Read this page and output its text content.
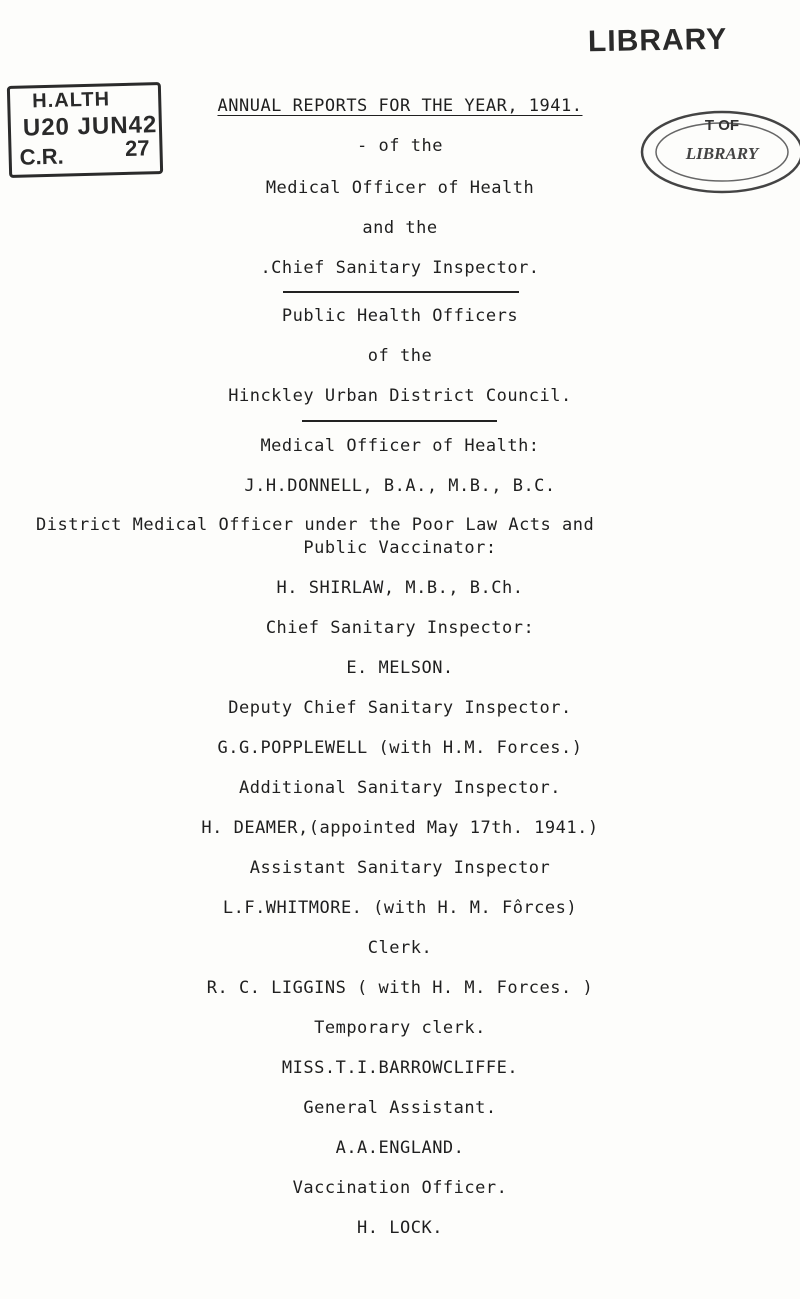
LIBRARY
H.ALTH
U20 JUN42
C.R.	27
T OF
LIBRARY
ANNUAL REPORTS FOR THE YEAR, 1941.
- of the
Medical Officer of Health
and the
.Chief Sanitary Inspector.
Public Health Officers
of the
Hinckley Urban District Council.
Medical Officer of Health:
J.H.DONNELL, B.A., M.B., B.C.
District Medical Officer under the Poor Law Acts and
Public Vaccinator:
H. SHIRLAW, M.B., B.Ch.
Chief Sanitary Inspector:
E. MELSON.
Deputy Chief Sanitary Inspector.
G.G.POPPLEWELL (with H.M. Forces.)
Additional Sanitary Inspector.
H. DEAMER,(appointed May 17th. 1941.)
Assistant Sanitary Inspector
L.F.WHITMORE. (with H. M. Fôrces)
Clerk.
R. C. LIGGINS ( with H. M. Forces. )
Temporary clerk.
MISS.T.I.BARROWCLIFFE.
General Assistant.
A.A.ENGLAND.
Vaccination Officer.
H. LOCK.
